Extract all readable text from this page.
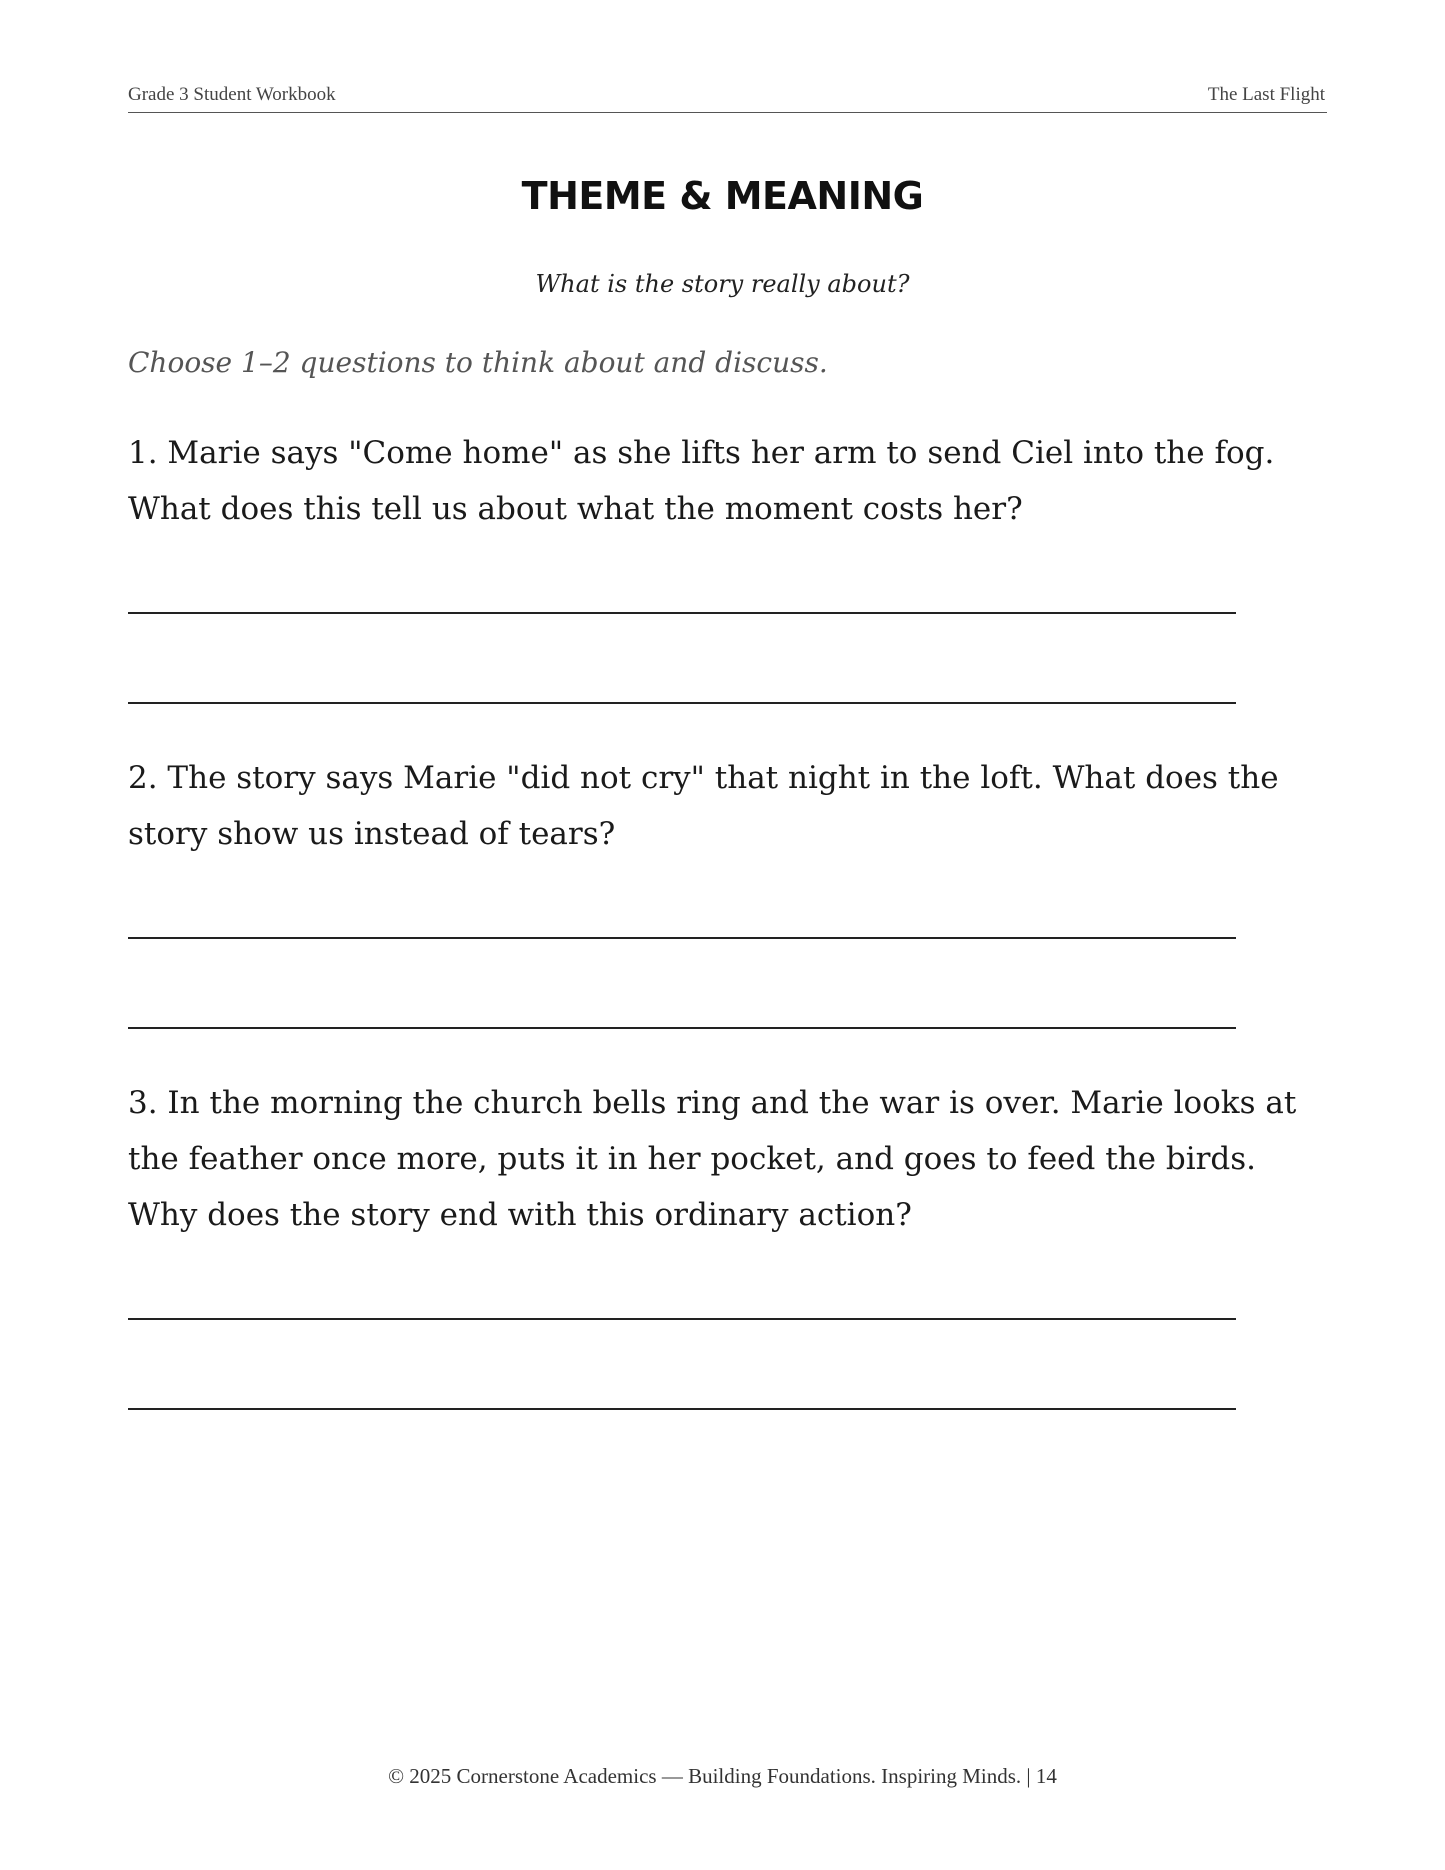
Grade 3 Student Workbook	The Last Flight
THEME & MEANING
What is the story really about?
Choose 1–2 questions to think about and discuss.
1. Marie says "Come home" as she lifts her arm to send Ciel into the fog. What does this tell us about what the moment costs her?
2. The story says Marie "did not cry" that night in the loft. What does the story show us instead of tears?
3. In the morning the church bells ring and the war is over. Marie looks at the feather once more, puts it in her pocket, and goes to feed the birds. Why does the story end with this ordinary action?
© 2025 Cornerstone Academics — Building Foundations. Inspiring Minds. | 14
